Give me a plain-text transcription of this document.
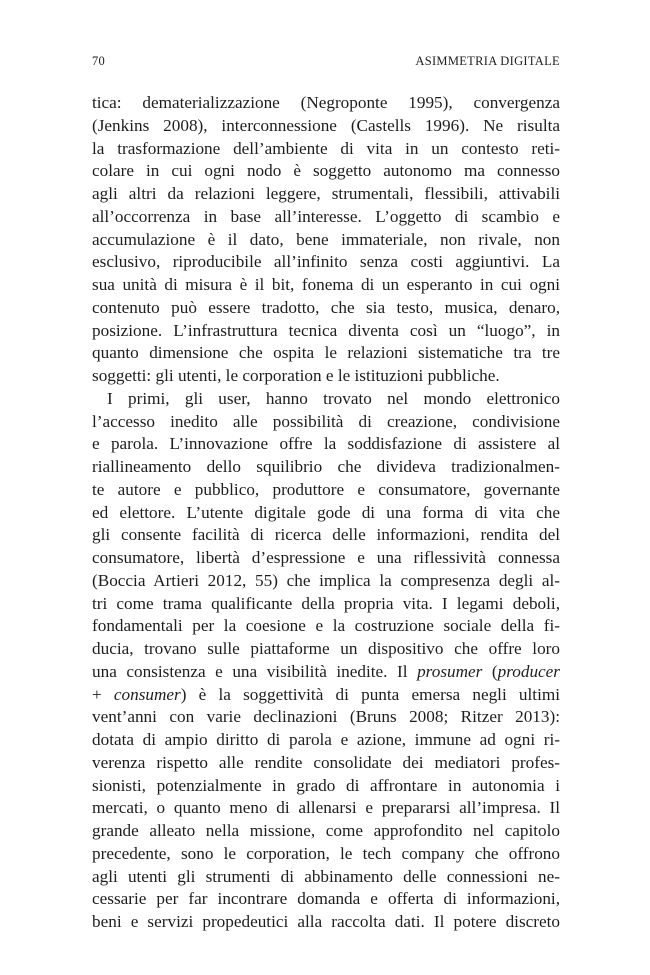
70	ASIMMETRIA DIGITALE
tica: dematerializzazione (Negroponte 1995), convergenza
(Jenkins 2008), interconnessione (Castells 1996). Ne risulta
la trasformazione dell’ambiente di vita in un contesto reti-
colare in cui ogni nodo è soggetto autonomo ma connesso
agli altri da relazioni leggere, strumentali, flessibili, attivabili
all’occorrenza in base all’interesse. L’oggetto di scambio e
accumulazione è il dato, bene immateriale, non rivale, non
esclusivo, riproducibile all’infinito senza costi aggiuntivi. La
sua unità di misura è il bit, fonema di un esperanto in cui ogni
contenuto può essere tradotto, che sia testo, musica, denaro,
posizione. L’infrastruttura tecnica diventa così un “luogo”, in
quanto dimensione che ospita le relazioni sistematiche tra tre
soggetti: gli utenti, le corporation e le istituzioni pubbliche.
I primi, gli user, hanno trovato nel mondo elettronico
l’accesso inedito alle possibilità di creazione, condivisione
e parola. L’innovazione offre la soddisfazione di assistere al
riallineamento dello squilibrio che divideva tradizionalmen-
te autore e pubblico, produttore e consumatore, governante
ed elettore. L’utente digitale gode di una forma di vita che
gli consente facilità di ricerca delle informazioni, rendita del
consumatore, libertà d’espressione e una riflessività connessa
(Boccia Artieri 2012, 55) che implica la compresenza degli al-
tri come trama qualificante della propria vita. I legami deboli,
fondamentali per la coesione e la costruzione sociale della fi-
ducia, trovano sulle piattaforme un dispositivo che offre loro
una consistenza e una visibilità inedite. Il prosumer (producer
+ consumer) è la soggettività di punta emersa negli ultimi
vent’anni con varie declinazioni (Bruns 2008; Ritzer 2013):
dotata di ampio diritto di parola e azione, immune ad ogni ri-
verenza rispetto alle rendite consolidate dei mediatori profes-
sionisti, potenzialmente in grado di affrontare in autonomia i
mercati, o quanto meno di allenarsi e prepararsi all’impresa. Il
grande alleato nella missione, come approfondito nel capitolo
precedente, sono le corporation, le tech company che offrono
agli utenti gli strumenti di abbinamento delle connessioni ne-
cessarie per far incontrare domanda e offerta di informazioni,
beni e servizi propedeutici alla raccolta dati. Il potere discreto
